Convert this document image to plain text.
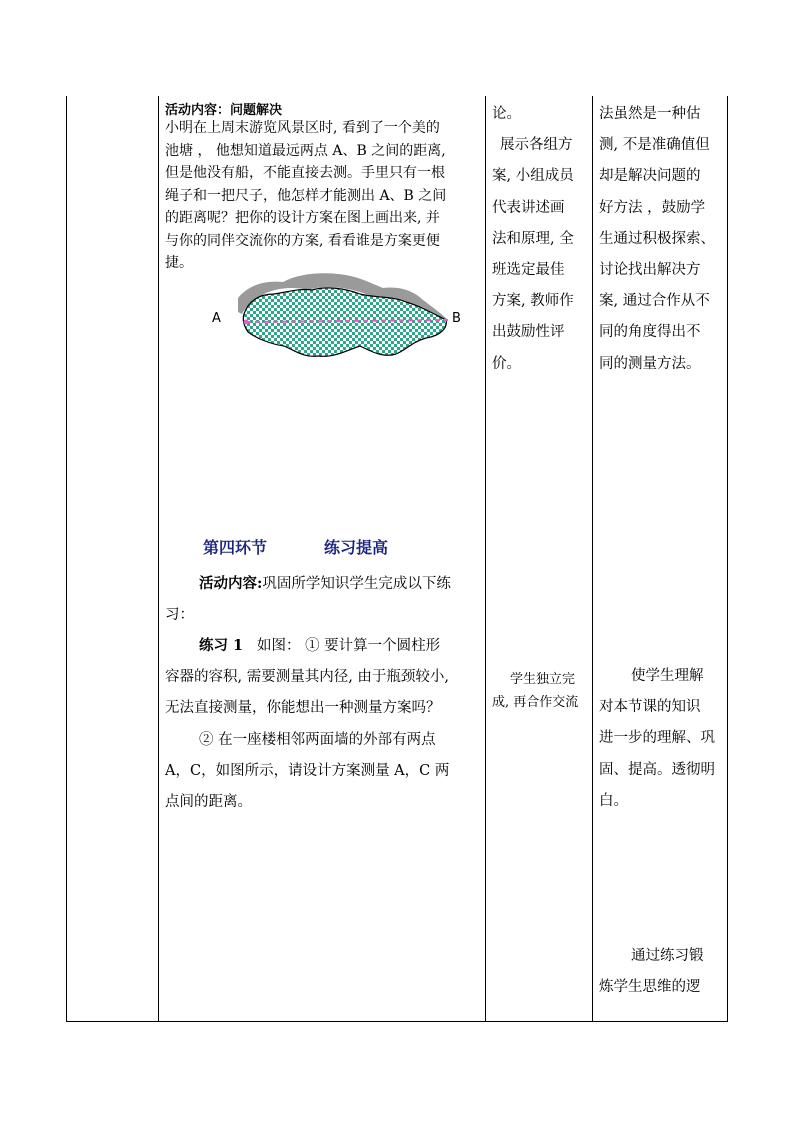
活动内容：问题解决
小明在上周末游览风景区时, 看到了一个美的
池塘 ， 他想知道最远两点 A、B 之间的距离,
但是他没有船，不能直接去测。手里只有一根
绳子和一把尺子，他怎样才能测出 A、B 之间
的距离呢？把你的设计方案在图上画出来, 并
与你的同伴交流你的方案, 看看谁是方案更便
捷。
A	B
第四环节	练习提高
活动内容:巩固所学知识学生完成以下练
习：
练习 1 如图： ① 要计算一个圆柱形
容器的容积, 需要测量其内径, 由于瓶颈较小,
无法直接测量，你能想出一种测量方案吗？
② 在一座楼相邻两面墙的外部有两点
A，C，如图所示，请设计方案测量 A，C 两
点间的距离。
论。
展示各组方
案, 小组成员
代表讲述画
法和原理, 全
班选定最佳
方案, 教师作
出鼓励性评
价。
学生独立完
成, 再合作交流
法虽然是一种估
测, 不是准确值但
却是解决问题的
好方法 ，鼓励学
生通过积极探索、
讨论找出解决方
案, 通过合作从不
同的角度得出不
同的测量方法。
使学生理解
对本节课的知识
进一步的理解、巩
固、提高。透彻明
白。
通过练习锻
炼学生思维的逻
